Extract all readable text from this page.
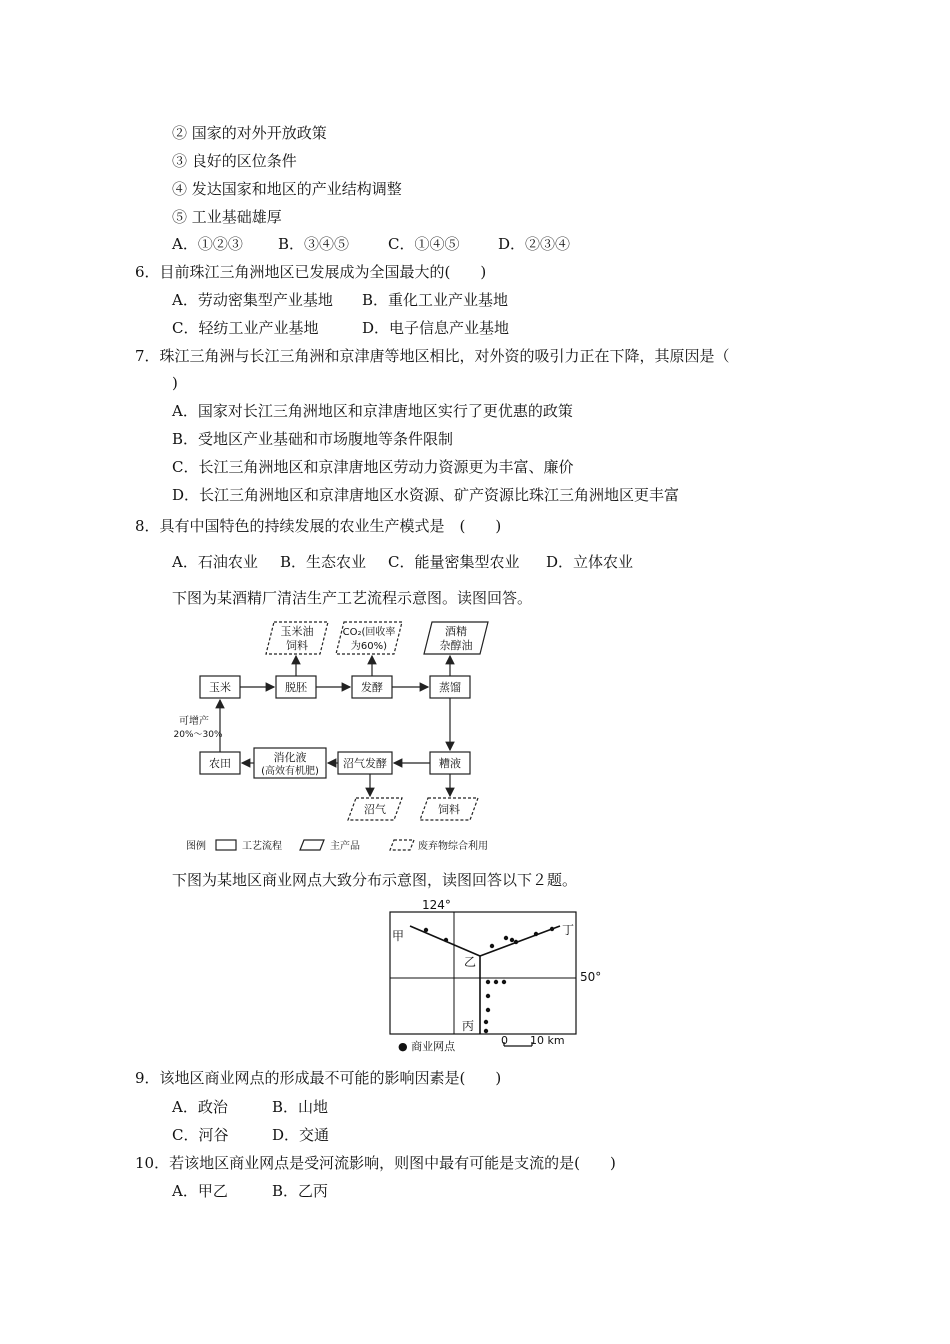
② 国家的对外开放政策
③ 良好的区位条件
④ 发达国家和地区的产业结构调整
⑤ 工业基础雄厚
A．①②③ B．③④⑤	C．①④⑤	D．②③④
6．目前珠江三角洲地区已发展成为全国最大的(　　)
A．劳动密集型产业基地 B．重化工业产业基地
C．轻纺工业产业基地	D．电子信息产业基地
7．珠江三角洲与长江三角洲和京津唐等地区相比，对外资的吸引力正在下降，其原因是（
)
A．国家对长江三角洲地区和京津唐地区实行了更优惠的政策
B．受地区产业基础和市场腹地等条件限制
C．长江三角洲地区和京津唐地区劳动力资源更为丰富、廉价
D．长江三角洲地区和京津唐地区水资源、矿产资源比珠江三角洲地区更丰富
8．具有中国特色的持续发展的农业生产模式是　(　　)
A．石油农业 B．生态农业 C．能量密集型农业 D．立体农业
下图为某酒精厂清洁生产工艺流程示意图。读图回答。
玉米油
饲料
CO₂(回收率
为60%)
酒精
杂醇油
玉米	脱胚	发酵	蒸馏
糟液
沼气发酵
消化液
(高效有机肥)
农田
沼气	饲料
可增产
20%～30%
图例	工艺流程	主产品	废弃物综合利用
下图为某地区商业网点大致分布示意图，读图回答以下２题。
124°
50°
甲
乙
丙
丁
● 商业网点	0 10 km
9．该地区商业网点的形成最不可能的影响因素是(　　)
A．政治	B．山地
C．河谷	D．交通
10．若该地区商业网点是受河流影响，则图中最有可能是支流的是(　　)
A．甲乙	B．乙丙
